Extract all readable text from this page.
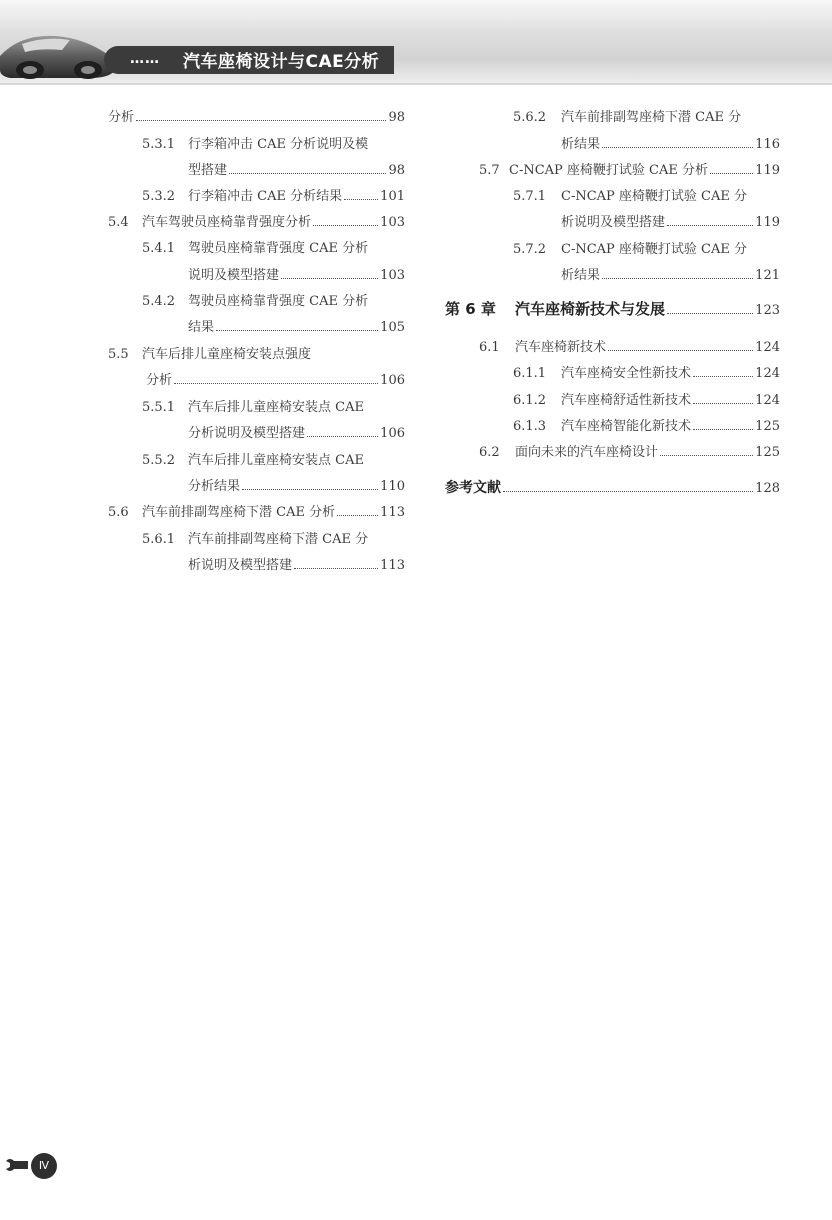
…… 汽车座椅设计与CAE分析
分析	98
5.3.1 行李箱冲击 CAE 分析说明及模
型搭建	98
5.3.2 行李箱冲击 CAE 分析结果	101
5.4	汽车驾驶员座椅靠背强度分析	103
5.4.1 驾驶员座椅靠背强度 CAE 分析
说明及模型搭建	103
5.4.2 驾驶员座椅靠背强度 CAE 分析
结果	105
5.5	汽车后排儿童座椅安装点强度
分析	106
5.5.1 汽车后排儿童座椅安装点 CAE
分析说明及模型搭建	106
5.5.2 汽车后排儿童座椅安装点 CAE
分析结果	110
5.6	汽车前排副驾座椅下潜 CAE 分析	113
5.6.1 汽车前排副驾座椅下潜 CAE 分
析说明及模型搭建	113
5.6.2	汽车前排副驾座椅下潜 CAE 分
析结果	116
5.7 C-NCAP 座椅鞭打试验 CAE 分析	119
5.7.1	C-NCAP 座椅鞭打试验 CAE 分
析说明及模型搭建	119
5.7.2	C-NCAP 座椅鞭打试验 CAE 分
析结果	121
第 6 章	汽车座椅新技术与发展	123
6.1	汽车座椅新技术	124
6.1.1	汽车座椅安全性新技术	124
6.1.2	汽车座椅舒适性新技术	124
6.1.3	汽车座椅智能化新技术	125
6.2	面向未来的汽车座椅设计	125
参考文献	128
Ⅳ
